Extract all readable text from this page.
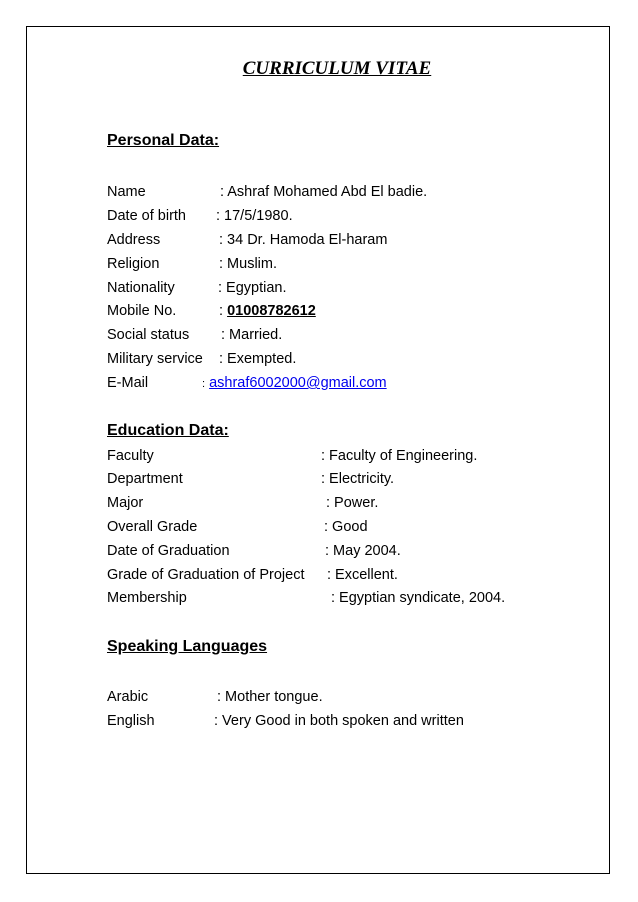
CURRICULUM VITAE
Personal Data:
Name	: Ashraf Mohamed Abd El badie.
Date of birth : 17/5/1980.
Address	: 34 Dr. Hamoda El-haram
Religion	: Muslim.
Nationality	: Egyptian.
Mobile No.	: 01008782612
Social status : Married.
Military service : Exempted.
E-Mail	: ashraf6002000@gmail.com
Education Data:
Faculty	: Faculty of Engineering.
Department	: Electricity.
Major	: Power.
Overall Grade	: Good
Date of Graduation	: May 2004.
Grade of Graduation of Project : Excellent.
Membership	: Egyptian syndicate, 2004.
Speaking Languages
Arabic	: Mother tongue.
English	: Very Good in both spoken and written
